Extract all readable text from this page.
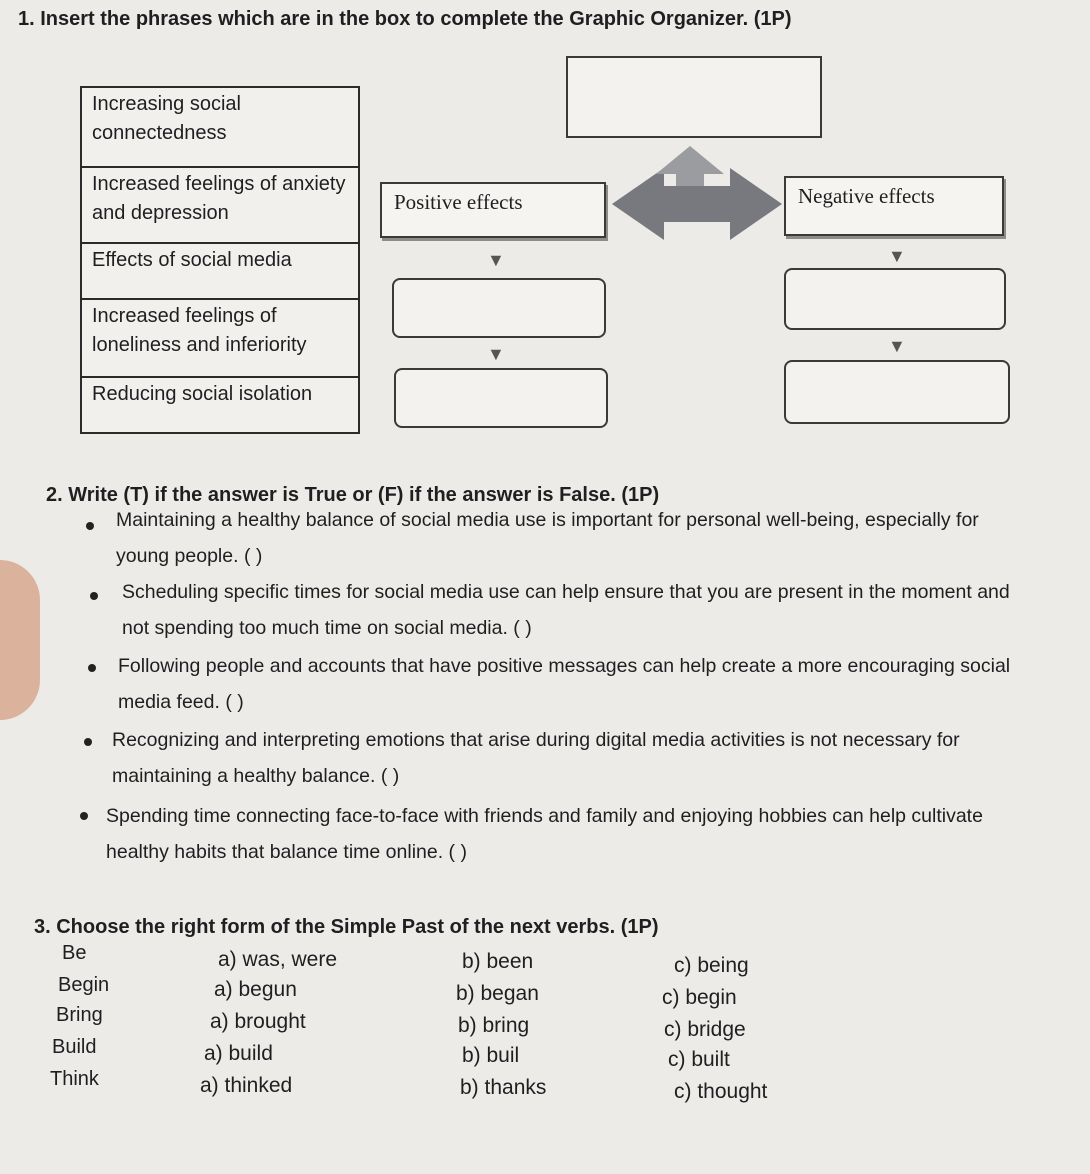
1. Insert the phrases which are in the box to complete the Graphic Organizer. (1P)
Increasing social connectedness
Increased feelings of anxiety and depression
Effects of social media
Increased feelings of loneliness and inferiority
Reducing social isolation
Positive effects	Negative effects
▼	▼
▼	▼
2. Write (T) if the answer is True or (F) if the answer is False. (1P)
Maintaining a healthy balance of social media use is important for personal well-being, especially for young people. ( )
Scheduling specific times for social media use can help ensure that you are present in the moment and not spending too much time on social media. ( )
Following people and accounts that have positive messages can help create a more encouraging social media feed. ( )
Recognizing and interpreting emotions that arise during digital media activities is not necessary for maintaining a healthy balance. ( )
Spending time connecting face-to-face with friends and family and enjoying hobbies can help cultivate healthy habits that balance time online. ( )
3. Choose the right form of the Simple Past of the next verbs. (1P)
Be	a) was, were	b) been	c) being
Begin	a) begun	b) began	c) begin
Bring	a) brought	b) bring	c) bridge
Build	a) build	b) buil	c) built
Think	a) thinked	b) thanks	c) thought
